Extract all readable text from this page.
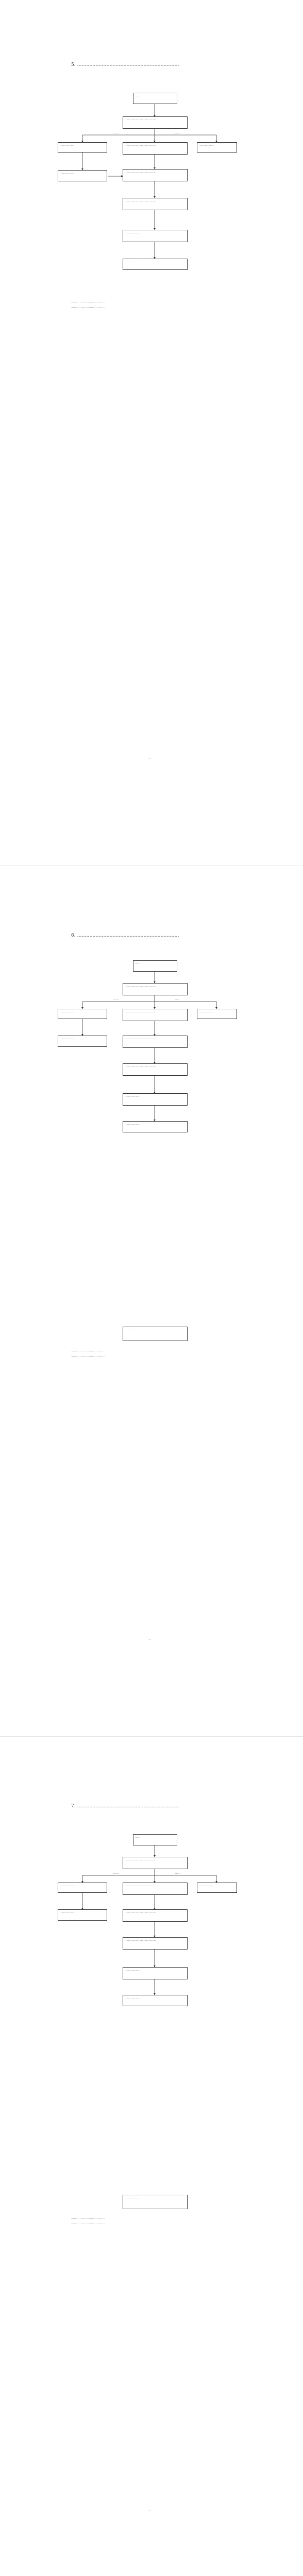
5. …………………………………………………………
……
………………………………
………………	………………
………………………………
………………	………………………………
………………………………
………………
………………
……	……
………………………………
………………………………
—
6. …………………………………………………………
……
………………………………
………………	………………
………………………………
………………	………………………………
………………………………
………………
………………
……	……
………………
………………………………
………………………………
—
7. …………………………………………………………
……
………………………………
………………	………………
………………………………
………………	………………………………
………………………………
………………
………………
……	……
………………
………………………………
………………………………
—
